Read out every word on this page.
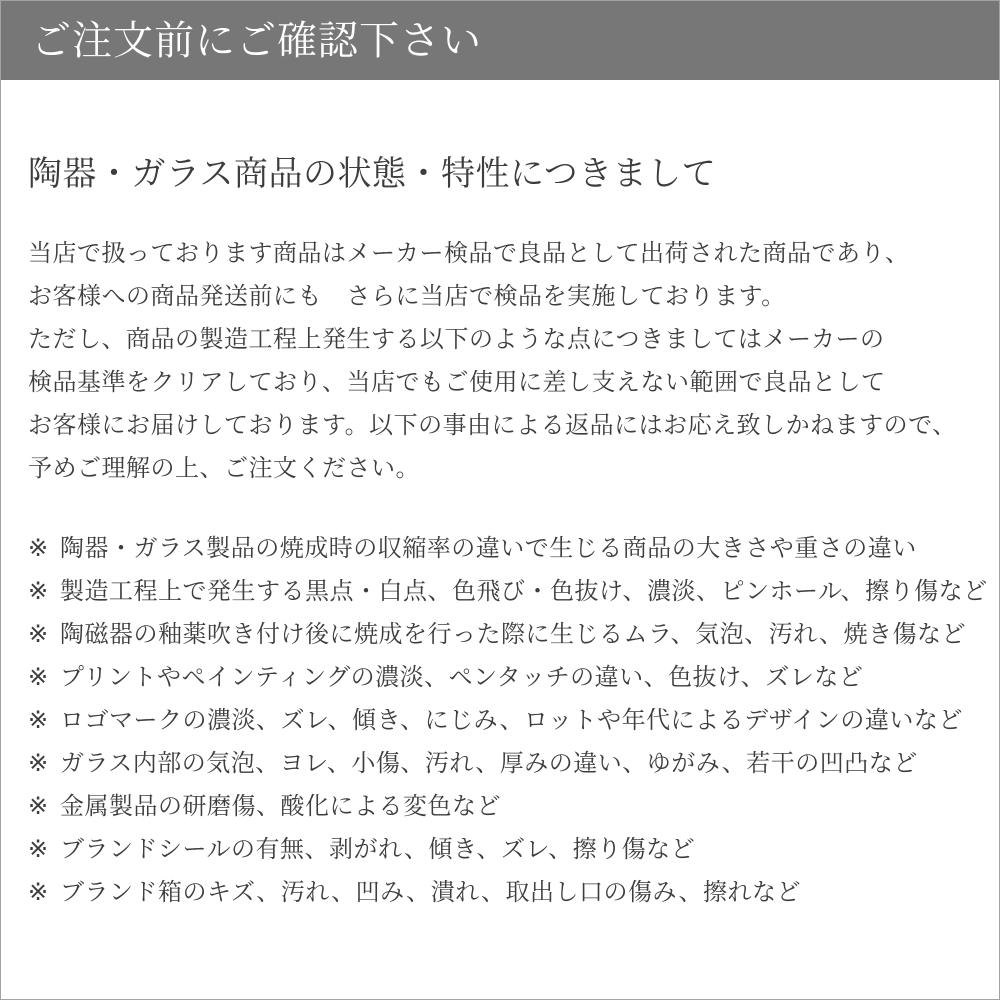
ご注文前にご確認下さい
陶器・ガラス商品の状態・特性につきまして
当店で扱っております商品はメーカー検品で良品として出荷された商品であり、
お客様への商品発送前にも　さらに当店で検品を実施しております。
ただし、商品の製造工程上発生する以下のような点につきましてはメーカーの
検品基準をクリアしており、当店でもご使用に差し支えない範囲で良品として
お客様にお届けしております。以下の事由による返品にはお応え致しかねますので、
予めご理解の上、ご注文ください。
※ 陶器・ガラス製品の焼成時の収縮率の違いで生じる商品の大きさや重さの違い
※ 製造工程上で発生する黒点・白点、色飛び・色抜け、濃淡、ピンホール、擦り傷など
※ 陶磁器の釉薬吹き付け後に焼成を行った際に生じるムラ、気泡、汚れ、焼き傷など
※ プリントやペインティングの濃淡、ペンタッチの違い、色抜け、ズレなど
※ ロゴマークの濃淡、ズレ、傾き、にじみ、ロットや年代によるデザインの違いなど
※ ガラス内部の気泡、ヨレ、小傷、汚れ、厚みの違い、ゆがみ、若干の凹凸など
※ 金属製品の研磨傷、酸化による変色など
※ ブランドシールの有無、剥がれ、傾き、ズレ、擦り傷など
※ ブランド箱のキズ、汚れ、凹み、潰れ、取出し口の傷み、擦れなど
